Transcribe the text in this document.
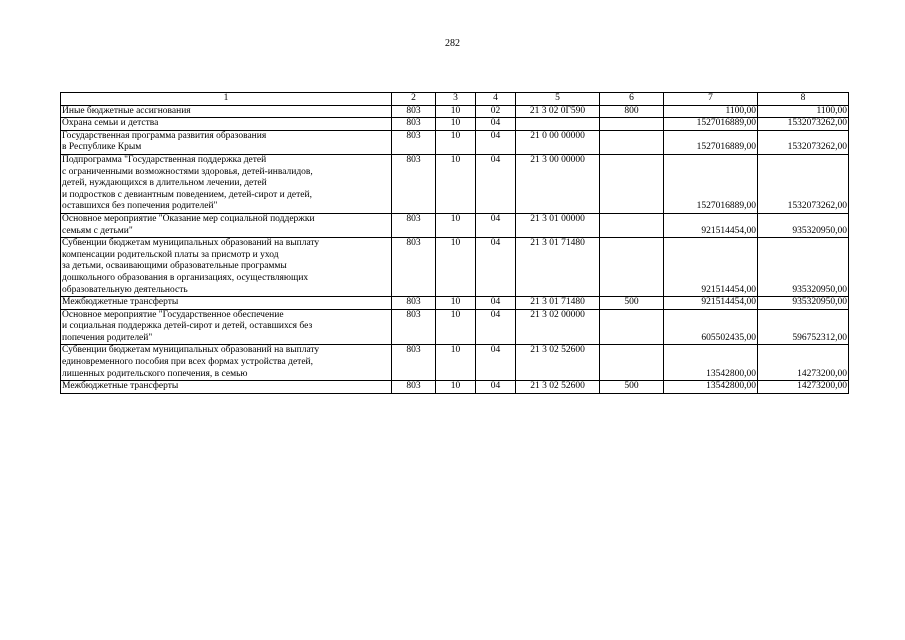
282
1	2	3	4	5	6	7	8
Иные бюджетные ассигнования	803	10	02	21 3 02 0Г590	800	1100,00	1100,00
Охрана семьи и детства	803	10	04			1527016889,00	1532073262,00
Государственная программа развития образования
в Республике Крым	803	10	04	21 0 00 00000		1527016889,00	1532073262,00
Подпрограмма "Государственная поддержка детей
с ограниченными возможностями здоровья, детей-инвалидов,
детей, нуждающихся в длительном лечении, детей
и подростков с девиантным поведением, детей-сирот и детей,
оставшихся без попечения родителей"	803	10	04	21 3 00 00000		1527016889,00	1532073262,00
Основное мероприятие "Оказание мер социальной поддержки
семьям с детьми"	803	10	04	21 3 01 00000		921514454,00	935320950,00
Субвенции бюджетам муниципальных образований на выплату
компенсации родительской платы за присмотр и уход
за детьми, осваивающими образовательные программы
дошкольного образования в организациях, осуществляющих
образовательную деятельность	803	10	04	21 3 01 71480		921514454,00	935320950,00
Межбюджетные трансферты	803	10	04	21 3 01 71480	500	921514454,00	935320950,00
Основное мероприятие "Государственное обеспечение
и социальная поддержка детей-сирот и детей, оставшихся без
попечения родителей"	803	10	04	21 3 02 00000		605502435,00	596752312,00
Субвенции бюджетам муниципальных образований на выплату
единовременного пособия при всех формах устройства детей,
лишенных родительского попечения, в семью	803	10	04	21 3 02 52600		13542800,00	14273200,00
Межбюджетные трансферты	803	10	04	21 3 02 52600	500	13542800,00	14273200,00
